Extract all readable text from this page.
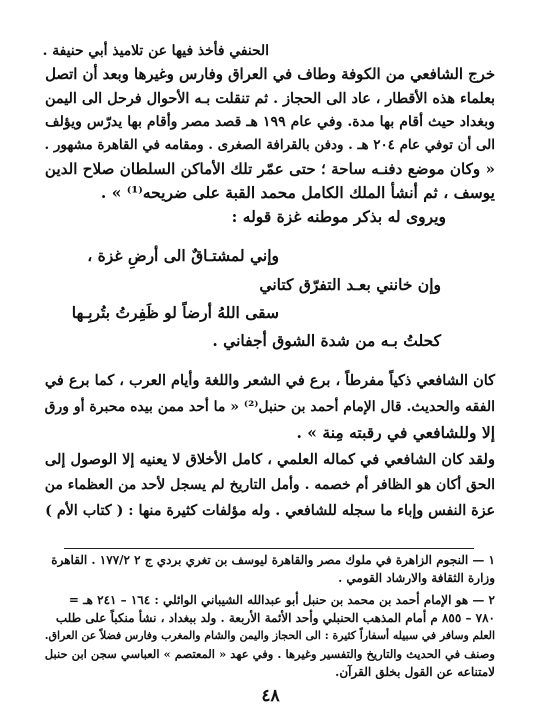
الحنفي فأخذ فيها عن تلاميذ أبي حنيفة .
خرج الشافعي من الكوفة وطاف في العراق وفارس وغيرها وبعد أن اتصل
بعلماء هذه الأقطار ، عاد الى الحجاز . ثم تنقلت بـه الأحوال فرحل الى اليمن
وبغداد حيث أقام بها مدة. وفي عام ١٩٩ هـ قصد مصر وأقام بها يدرّس ويؤلف
الى أن توفي عام ٢٠٤ هـ . ودفن بالقرافة الصغرى . ومقامه في القاهرة مشهور .
« وكان موضع دفنـه ساحة ؛ حتى عمّر تلك الأماكن السلطان صلاح الدين
يوسف ، ثم أنشأ الملك الكامل محمد القبة على ضريحه⁽¹⁾ » .
ويروى له بذكر موطنه غزة قوله :
وإني لمشتـاقٌ الى أرضِ غزة ،
وإن خانني بعـد التفرّق كتاني
سقى اللهُ أرضاً لو ظَفِرتُ بتُربِـها
كحلتُ بـه من شدة الشوق أجفاني .
كان الشافعي ذكياً مفرطاً ، برع في الشعر واللغة وأيام العرب ، كما برع في
الفقه والحديث. قال الإمام أحمد بن حنبل⁽²⁾ « ما أحد ممن بيده محبرة أو ورق
إلا وللشافعي في رقبته مِنة » .
ولقد كان الشافعي في كماله العلمي ، كامل الأخلاق لا يعنيه إلا الوصول إلى
الحق أكان هو الظافر أم خصمه . وأمل التاريخ لم يسجل لأحد من العظماء من
عزة النفس وإباء ما سجله للشافعي . وله مؤلفات كثيرة منها : ( كتاب الأم )
١ — النجوم الزاهرة في ملوك مصر والقاهرة ليوسف بن تغري بردي ج ٢ ١٧٧/٢ . القاهرة
وزارة الثقافة والارشاد القومي .
٢ — هو الإمام أحمد بن محمد بن حنبل أبو عبدالله الشيباني الوائلي : ١٦٤ – ٢٤١ هـ =
٧٨٠ – ٨٥٥ م أمام المذهب الحنبلي وأحد الأئمة الأربعة . ولد ببغداد ، نشأ منكباً على طلب
العلم وسافر في سبيله أسفاراً كثيرة : الى الحجاز واليمن والشام والمغرب وفارس فضلاً عن العراق.
وصنف في الحديث والتاريخ والتفسير وغيرها . وفي عهد « المعتصم » العباسي سجن ابن حنبل
لامتناعه عن القول بخلق القرآن.
٤٨
